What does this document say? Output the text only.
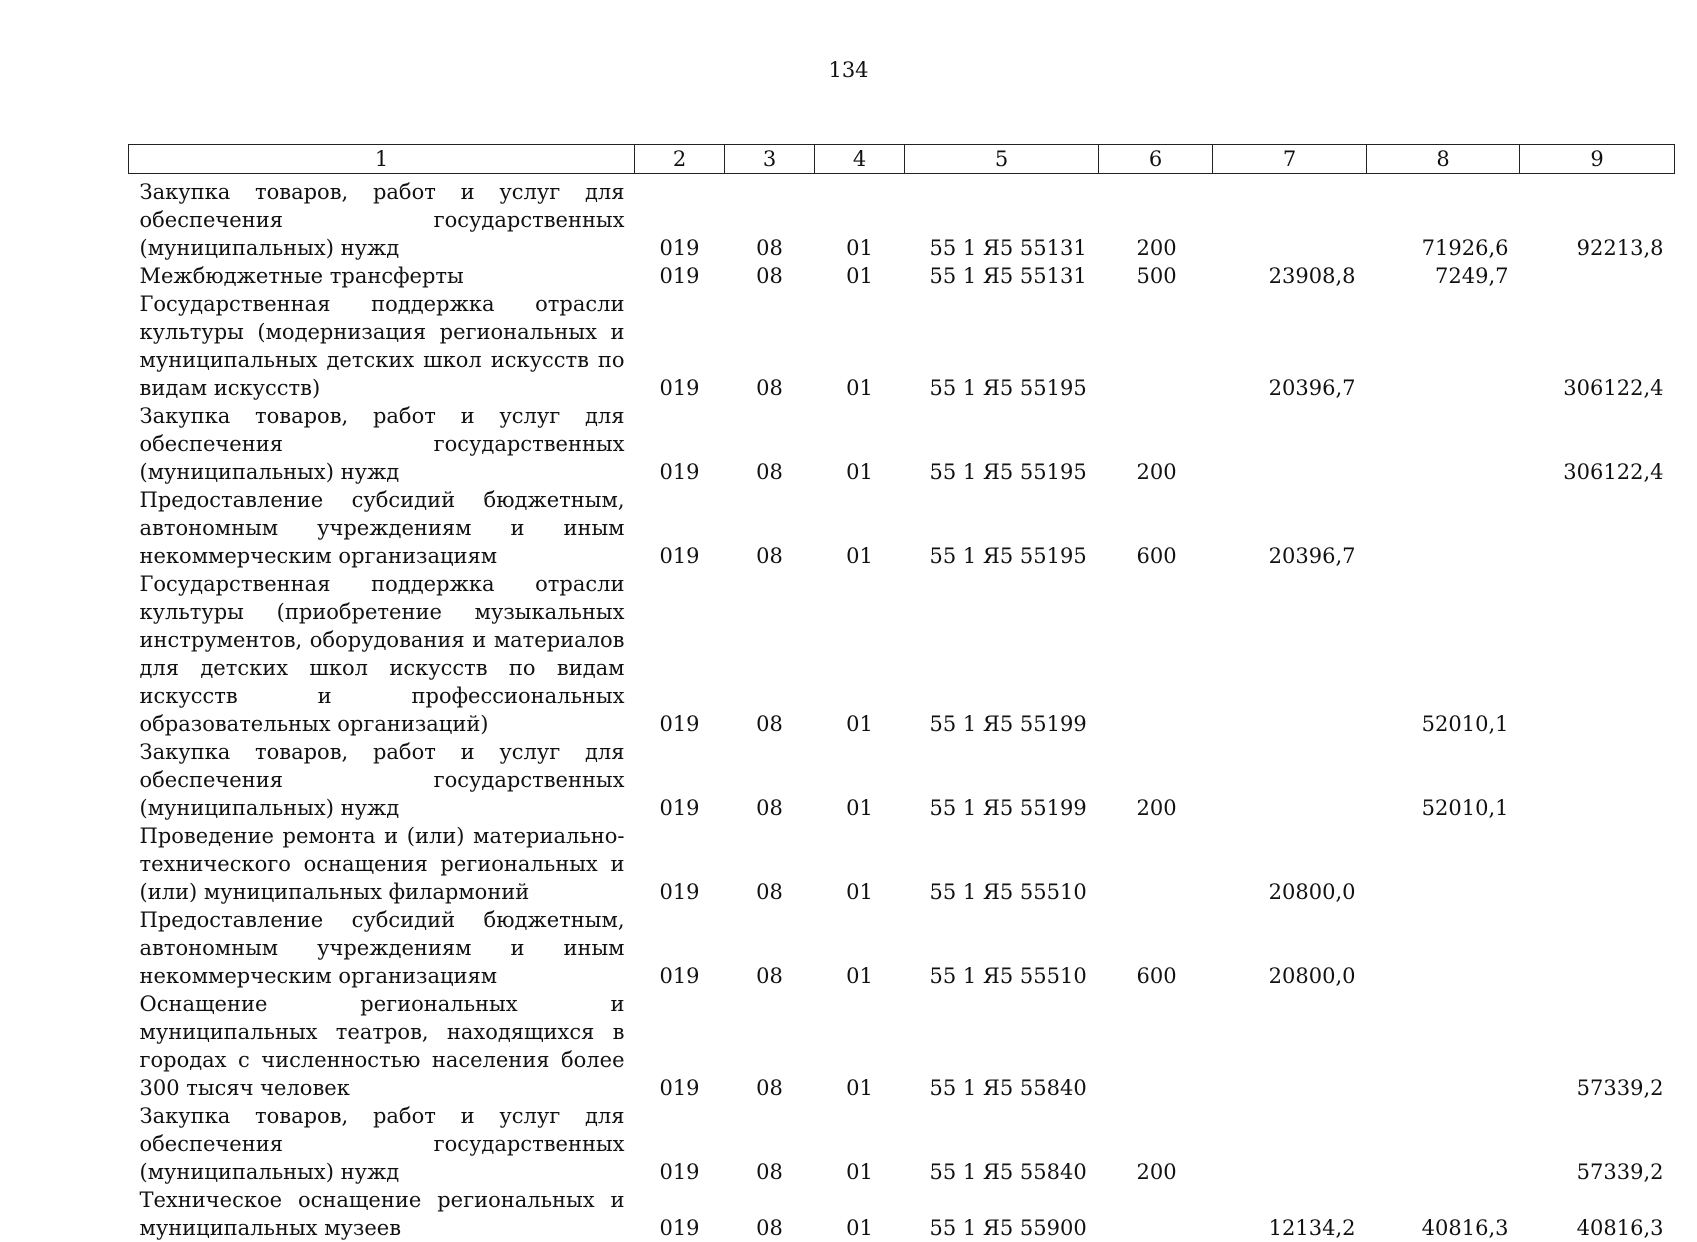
134
1	2	3	4	5	6	7	8	9
Закупка товаров, работ и услуг для обеспечения государственных (муниципальных) нужд	019	08	01	55 1 Я5 55131	200		71926,6	92213,8
Межбюджетные трансферты	019	08	01	55 1 Я5 55131	500	23908,8	7249,7	
Государственная поддержка отрасли культуры (модернизация региональных и муниципальных детских школ искусств по видам искусств)	019	08	01	55 1 Я5 55195		20396,7		306122,4
Закупка товаров, работ и услуг для обеспечения государственных (муниципальных) нужд	019	08	01	55 1 Я5 55195	200			306122,4
Предоставление субсидий бюджетным, автономным учреждениям и иным некоммерческим организациям	019	08	01	55 1 Я5 55195	600	20396,7		
Государственная поддержка отрасли культуры (приобретение музыкальных инструментов, оборудования и материалов для детских школ искусств по видам искусств и профессиональных образовательных организаций)	019	08	01	55 1 Я5 55199			52010,1	
Закупка товаров, работ и услуг для обеспечения государственных (муниципальных) нужд	019	08	01	55 1 Я5 55199	200		52010,1	
Проведение ремонта и (или) материально-технического оснащения региональных и (или) муниципальных филармоний	019	08	01	55 1 Я5 55510		20800,0		
Предоставление субсидий бюджетным, автономным учреждениям и иным некоммерческим организациям	019	08	01	55 1 Я5 55510	600	20800,0		
Оснащение региональных и муниципальных театров, находящихся в городах с численностью населения более 300 тысяч человек	019	08	01	55 1 Я5 55840				57339,2
Закупка товаров, работ и услуг для обеспечения государственных (муниципальных) нужд	019	08	01	55 1 Я5 55840	200			57339,2
Техническое оснащение региональных и муниципальных музеев	019	08	01	55 1 Я5 55900		12134,2	40816,3	40816,3
